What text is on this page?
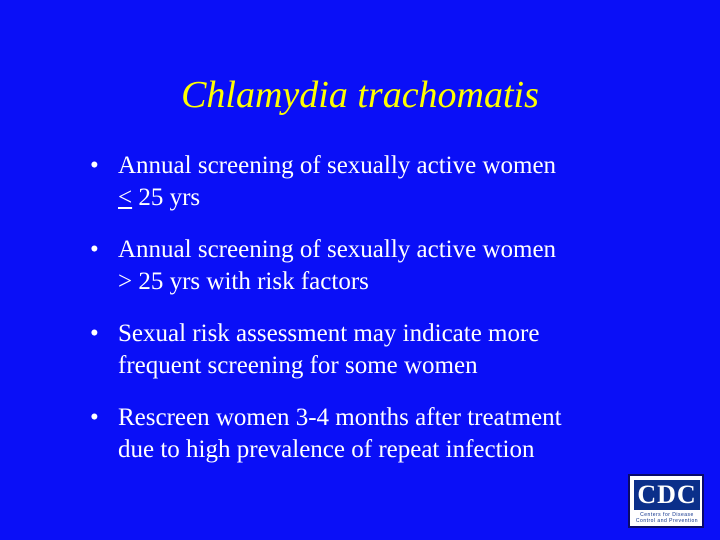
Chlamydia trachomatis
• Annual screening of sexually active women
≤ 25 yrs
• Annual screening of sexually active women
> 25 yrs with risk factors
• Sexual risk assessment may indicate more
frequent screening for some women
• Rescreen women 3-4 months after treatment
due to high prevalence of repeat infection
CDC
Centers for Disease Control and Prevention
